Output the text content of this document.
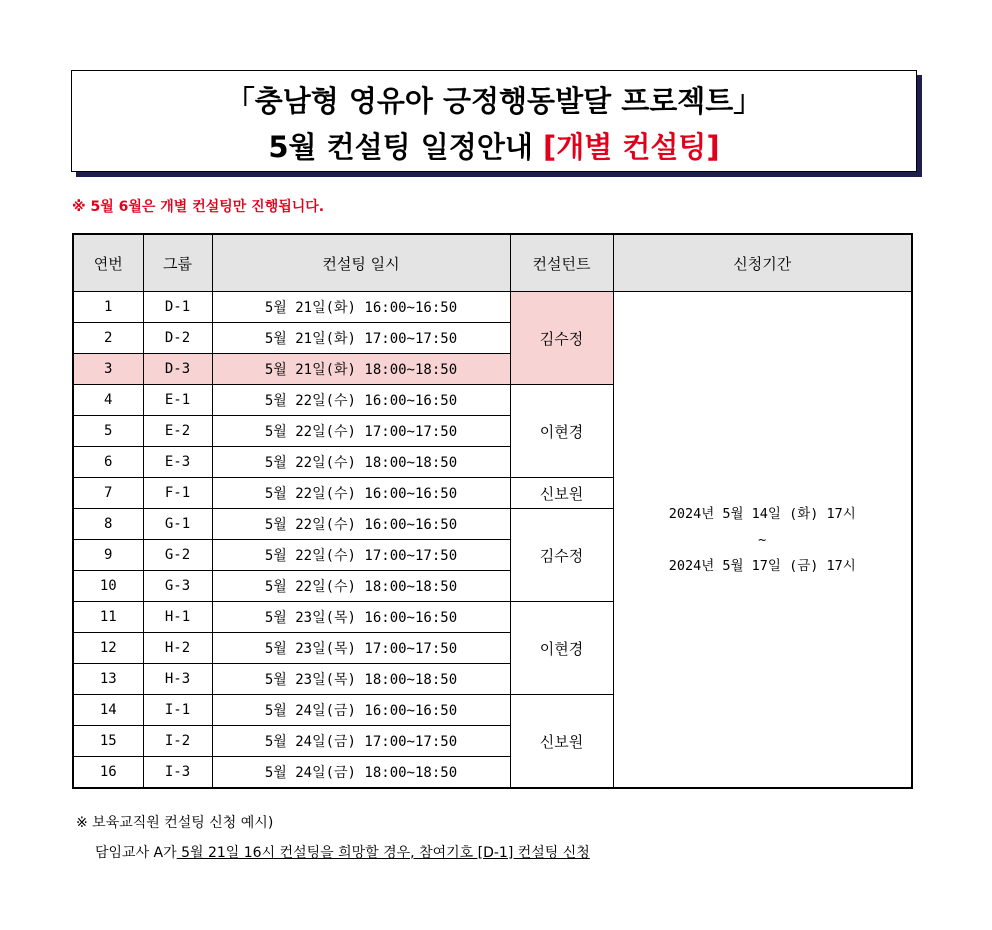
「충남형 영유아 긍정행동발달 프로젝트」
5월 컨설팅 일정안내 [개별 컨설팅]
※ 5월 6월은 개별 컨설팅만 진행됩니다.
연번	그룹	컨설팅 일시	컨설턴트	신청기간
1	D-1	5월 21일(화) 16:00~16:50	김수정	2024년 5월 14일 (화) 17시
~
2024년 5월 17일 (금) 17시

2	D-2	5월 21일(화) 17:00~17:50		
3	D-3	5월 21일(화) 18:00~18:50		
4	E-1	5월 22일(수) 16:00~16:50	이현경	
5	E-2	5월 22일(수) 17:00~17:50		
6	E-3	5월 22일(수) 18:00~18:50		
7	F-1	5월 22일(수) 16:00~16:50	신보원	
8	G-1	5월 22일(수) 16:00~16:50	김수정	
9	G-2	5월 22일(수) 17:00~17:50		
10	G-3	5월 22일(수) 18:00~18:50		
11	H-1	5월 23일(목) 16:00~16:50	이현경	
12	H-2	5월 23일(목) 17:00~17:50		
13	H-3	5월 23일(목) 18:00~18:50		
14	I-1	5월 24일(금) 16:00~16:50	신보원	
15	I-2	5월 24일(금) 17:00~17:50		
16	I-3	5월 24일(금) 18:00~18:50		
※ 보육교직원 컨설팅 신청 예시)
담임교사 A가 5월 21일 16시 컨설팅을 희망할 경우, 참여기호 [D-1] 컨설팅 신청
